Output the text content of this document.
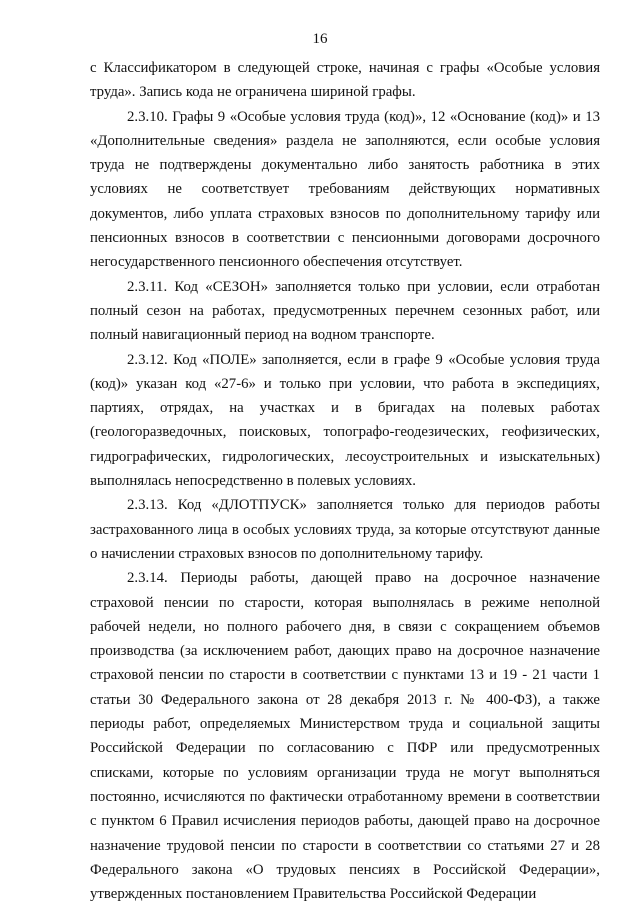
16

с Классификатором в следующей строке, начиная с графы «Особые условия труда». Запись кода не ограничена шириной графы.

2.3.10. Графы 9 «Особые условия труда (код)», 12 «Основание (код)» и 13 «Дополнительные сведения» раздела не заполняются, если особые условия труда не подтверждены документально либо занятость работника в этих условиях не соответствует требованиям действующих нормативных документов, либо уплата страховых взносов по дополнительному тарифу или пенсионных взносов в соответствии с пенсионными договорами досрочного негосударственного пенсионного обеспечения отсутствует.

2.3.11. Код «СЕЗОН» заполняется только при условии, если отработан полный сезон на работах, предусмотренных перечнем сезонных работ, или полный навигационный период на водном транспорте.

2.3.12. Код «ПОЛЕ» заполняется, если в графе 9 «Особые условия труда (код)» указан код «27-6» и только при условии, что работа в экспедициях, партиях, отрядах, на участках и в бригадах на полевых работах (геологоразведочных, поисковых, топографо-геодезических, геофизических, гидрографических, гидрологических, лесоустроительных и изыскательных) выполнялась непосредственно в полевых условиях.

2.3.13. Код «ДЛОТПУСК» заполняется только для периодов работы застрахованного лица в особых условиях труда, за которые отсутствуют данные о начислении страховых взносов по дополнительному тарифу.

2.3.14. Периоды работы, дающей право на досрочное назначение страховой пенсии по старости, которая выполнялась в режиме неполной рабочей недели, но полного рабочего дня, в связи с сокращением объемов производства (за исключением работ, дающих право на досрочное назначение страховой пенсии по старости в соответствии с пунктами 13 и 19 - 21 части 1 статьи 30 Федерального закона от 28 декабря 2013 г. № 400-ФЗ), а также периоды работ, определяемых Министерством труда и социальной защиты Российской Федерации по согласованию с ПФР или предусмотренных списками, которые по условиям организации труда не могут выполняться постоянно, исчисляются по фактически отработанному времени в соответствии с пунктом 6 Правил исчисления периодов работы, дающей право на досрочное назначение трудовой пенсии по старости в соответствии со статьями 27 и 28 Федерального закона «О трудовых пенсиях в Российской Федерации», утвержденных постановлением Правительства Российской Федерации
